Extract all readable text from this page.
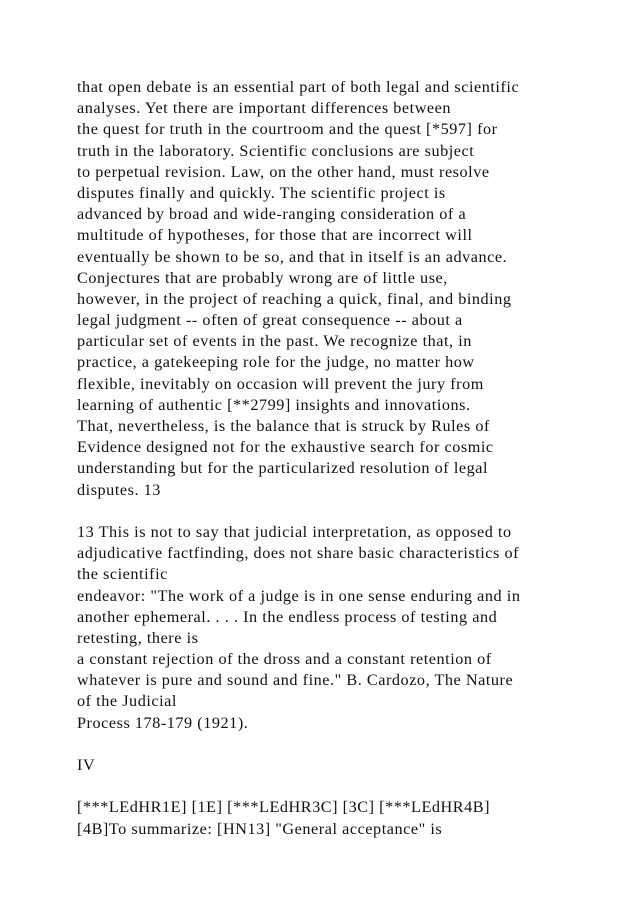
that open debate is an essential part of both legal and scientific
analyses. Yet there are important differences between
the quest for truth in the courtroom and the quest [*597] for
truth in the laboratory. Scientific conclusions are subject
to perpetual revision. Law, on the other hand, must resolve
disputes finally and quickly. The scientific project is
advanced by broad and wide-ranging consideration of a
multitude of hypotheses, for those that are incorrect will
eventually be shown to be so, and that in itself is an advance.
Conjectures that are probably wrong are of little use,
however, in the project of reaching a quick, final, and binding
legal judgment -- often of great consequence -- about a
particular set of events in the past. We recognize that, in
practice, a gatekeeping role for the judge, no matter how
flexible, inevitably on occasion will prevent the jury from
learning of authentic [**2799] insights and innovations.
That, nevertheless, is the balance that is struck by Rules of
Evidence designed not for the exhaustive search for cosmic
understanding but for the particularized resolution of legal
disputes. 13
13 This is not to say that judicial interpretation, as opposed to
adjudicative factfinding, does not share basic characteristics of
the scientific
endeavor: "The work of a judge is in one sense enduring and in
another ephemeral. . . . In the endless process of testing and
retesting, there is
a constant rejection of the dross and a constant retention of
whatever is pure and sound and fine." B. Cardozo, The Nature
of the Judicial
Process 178-179 (1921).
IV
[***LEdHR1E] [1E] [***LEdHR3C] [3C] [***LEdHR4B]
[4B]To summarize: [HN13] "General acceptance" is
